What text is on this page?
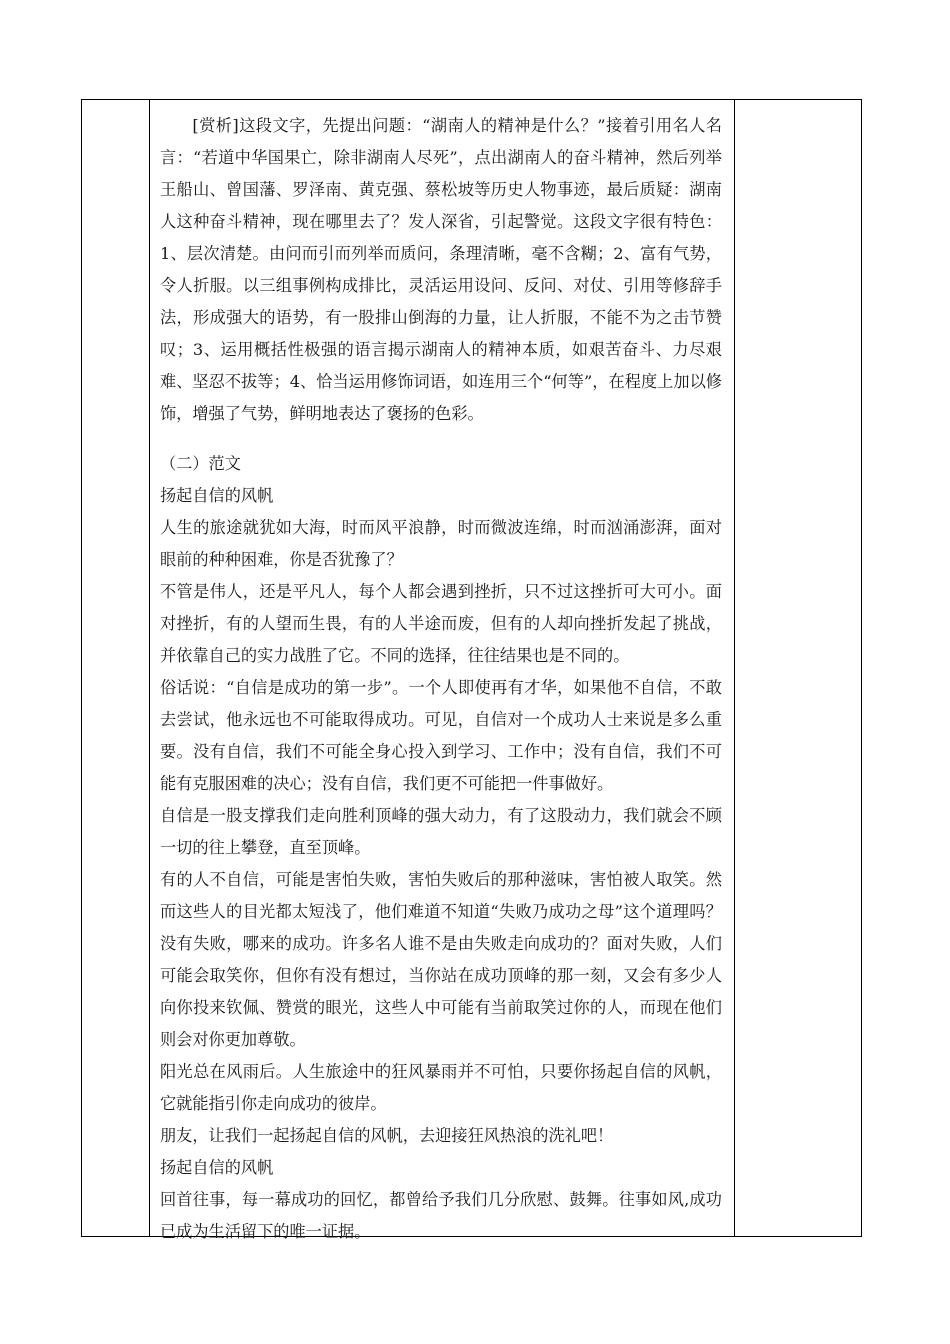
[赏析]这段文字，先提出问题：“湖南人的精神是什么？”接着引用名人名言：“若道中华国果亡，除非湖南人尽死”，点出湖南人的奋斗精神，然后列举王船山、曾国藩、罗泽南、黄克强、蔡松坡等历史人物事迹，最后质疑：湖南人这种奋斗精神，现在哪里去了？发人深省，引起警觉。这段文字很有特色：1、层次清楚。由问而引而列举而质问，条理清晰，毫不含糊；2、富有气势，令人折服。以三组事例构成排比，灵活运用设问、反问、对仗、引用等修辞手法，形成强大的语势，有一股排山倒海的力量，让人折服，不能不为之击节赞叹；3、运用概括性极强的语言揭示湖南人的精神本质，如艰苦奋斗、力尽艰难、坚忍不拔等；4、恰当运用修饰词语，如连用三个“何等”，在程度上加以修饰，增强了气势，鲜明地表达了褒扬的色彩。

（二）范文

扬起自信的风帆

人生的旅途就犹如大海，时而风平浪静，时而微波连绵，时而汹涌澎湃，面对眼前的种种困难，你是否犹豫了？

不管是伟人，还是平凡人，每个人都会遇到挫折，只不过这挫折可大可小。面对挫折，有的人望而生畏，有的人半途而废，但有的人却向挫折发起了挑战，并依靠自己的实力战胜了它。不同的选择，往往结果也是不同的。

俗话说：“自信是成功的第一步”。一个人即使再有才华，如果他不自信，不敢去尝试，他永远也不可能取得成功。可见，自信对一个成功人士来说是多么重要。没有自信，我们不可能全身心投入到学习、工作中；没有自信，我们不可能有克服困难的决心；没有自信，我们更不可能把一件事做好。

自信是一股支撑我们走向胜利顶峰的强大动力，有了这股动力，我们就会不顾一切的往上攀登，直至顶峰。

有的人不自信，可能是害怕失败，害怕失败后的那种滋味，害怕被人取笑。然而这些人的目光都太短浅了，他们难道不知道“失败乃成功之母”这个道理吗？没有失败，哪来的成功。许多名人谁不是由失败走向成功的？面对失败，人们可能会取笑你，但你有没有想过，当你站在成功顶峰的那一刻，又会有多少人向你投来钦佩、赞赏的眼光，这些人中可能有当前取笑过你的人，而现在他们则会对你更加尊敬。

阳光总在风雨后。人生旅途中的狂风暴雨并不可怕，只要你扬起自信的风帆，它就能指引你走向成功的彼岸。

朋友，让我们一起扬起自信的风帆，去迎接狂风热浪的洗礼吧！

扬起自信的风帆

回首往事，每一幕成功的回忆，都曾给予我们几分欣慰、鼓舞。往事如风,成功已成为生活留下的唯一证据。
